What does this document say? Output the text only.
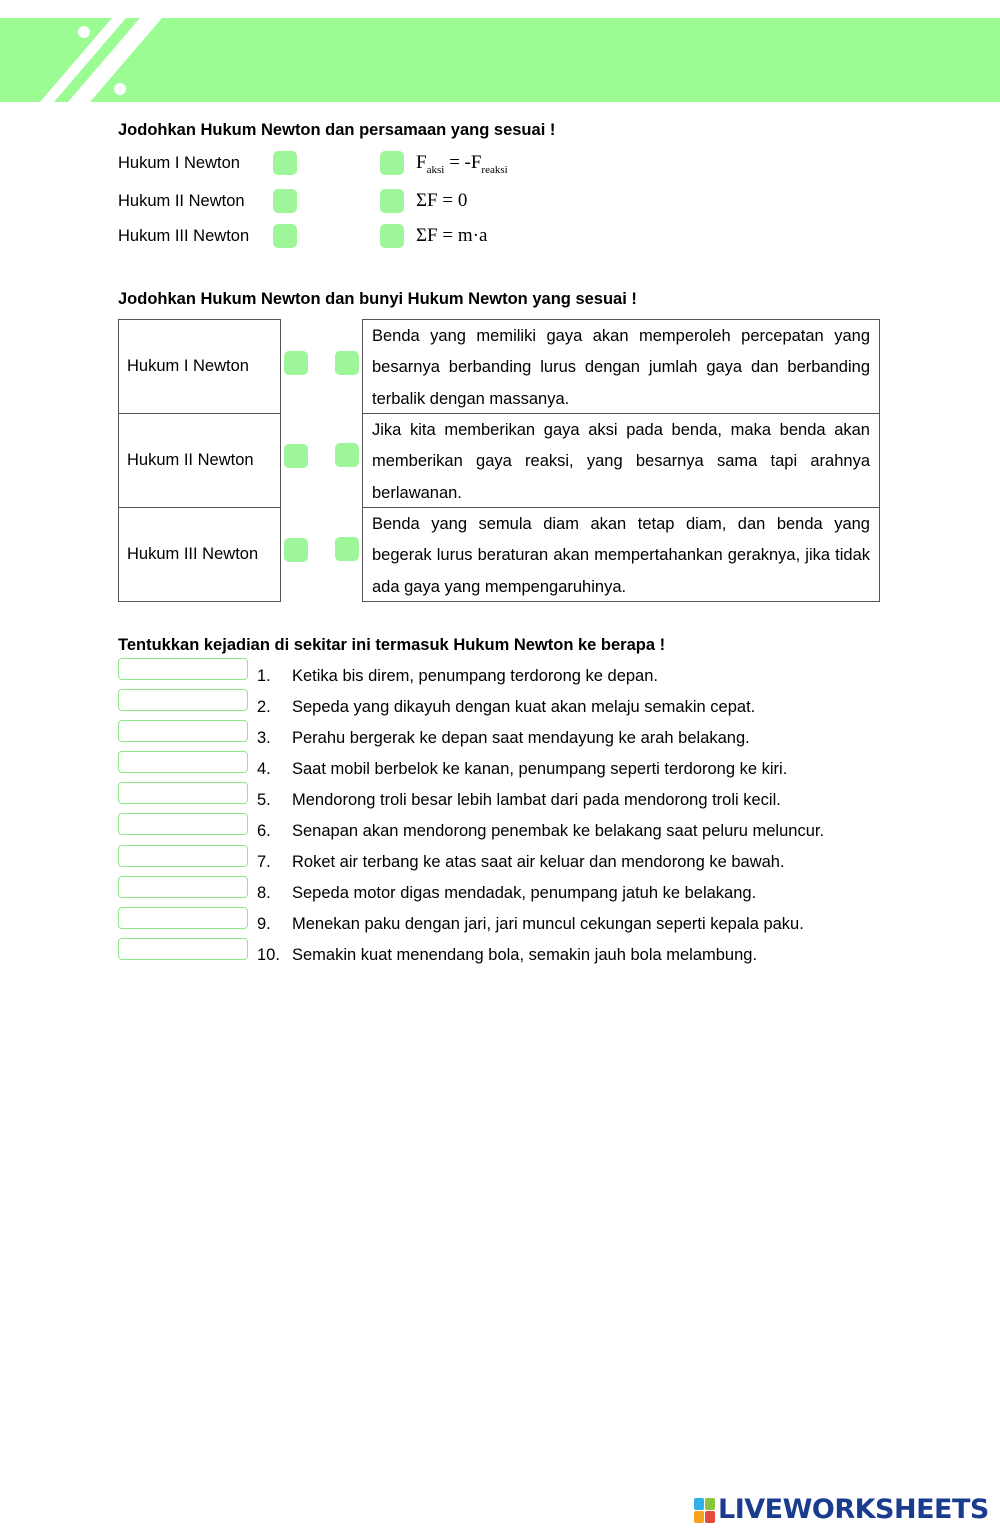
Jodohkan Hukum Newton dan persamaan yang sesuai !
Hukum I Newton
Hukum II Newton
Hukum III Newton
$F_{aksi} = -F_{reaksi}$
ΣF = 0
ΣF = m·a
Jodohkan Hukum Newton dan bunyi Hukum Newton yang sesuai !
Hukum I Newton
Hukum II Newton
Hukum III Newton
Benda yang memiliki gaya akan memperoleh percepatan yang besarnya berbanding lurus dengan jumlah gaya dan berbanding terbalik dengan massanya.
Jika kita memberikan gaya aksi pada benda, maka benda akan memberikan gaya reaksi, yang besarnya sama tapi arahnya berlawanan.
Benda yang semula diam akan tetap diam, dan benda yang begerak lurus beraturan akan mempertahankan geraknya, jika tidak ada gaya yang mempengaruhinya.
Tentukkan kejadian di sekitar ini termasuk Hukum Newton ke berapa !
1.
2.
3.
4.
5.
6.
7.
8.
9.
10.
Ketika bis direm, penumpang terdorong ke depan.
Sepeda yang dikayuh dengan kuat akan melaju semakin cepat.
Perahu bergerak ke depan saat mendayung ke arah belakang.
Saat mobil berbelok ke kanan, penumpang seperti terdorong ke kiri.
Mendorong troli besar lebih lambat dari pada mendorong troli kecil.
Senapan akan mendorong penembak ke belakang saat peluru meluncur.
Roket air terbang ke atas saat air keluar dan mendorong ke bawah.
Sepeda motor digas mendadak, penumpang jatuh ke belakang.
Menekan paku dengan jari, jari muncul cekungan seperti kepala paku.
Semakin kuat menendang bola, semakin jauh bola melambung.
LIVEWORKSHEETS
